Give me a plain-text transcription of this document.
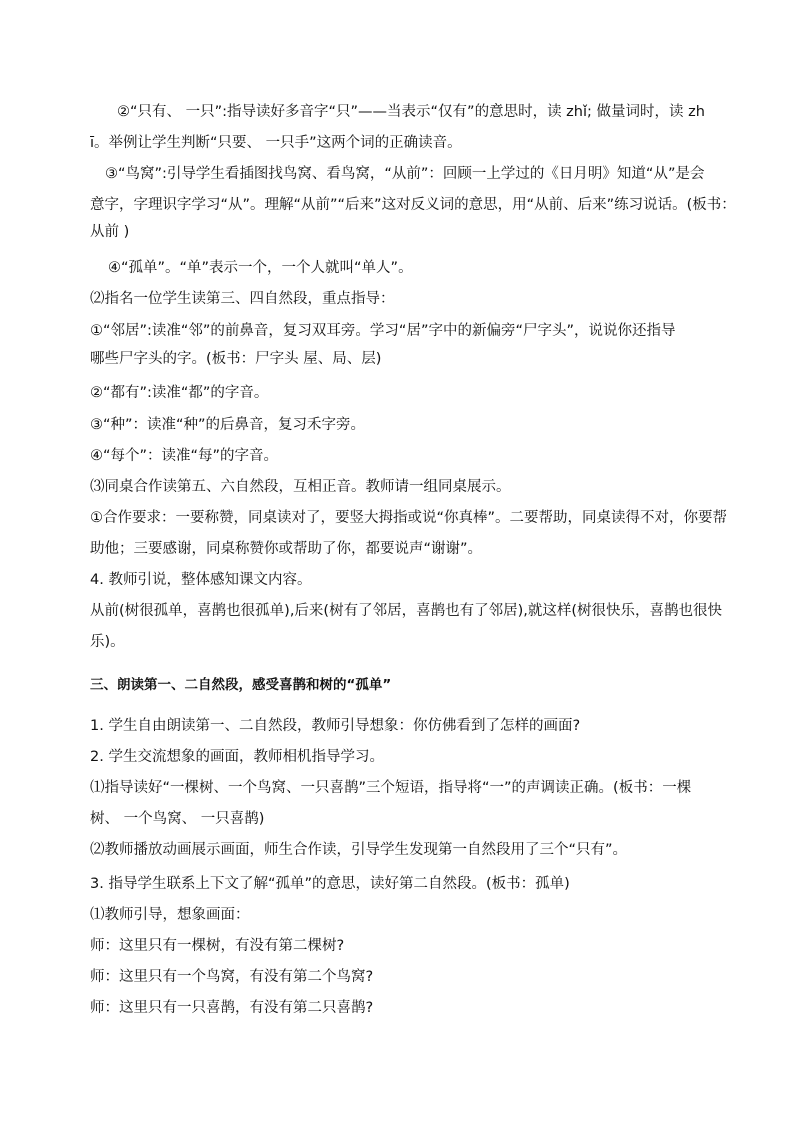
②“只有、 一只”:指导读好多音字“只”——当表示“仅有”的意思时，读 zhǐ; 做量词时，读 zh
ī。举例让学生判断“只要、 一只手”这两个词的正确读音。
③“鸟窝”:引导学生看插图找鸟窝、看鸟窝，“从前”：回顾一上学过的《日月明》知道“从”是会
意字，字理识字学习“从”。理解“从前”“后来”这对反义词的意思，用“从前、后来”练习说话。(板书：
从前 )
④“孤单”。“单”表示一个，一个人就叫“单人”。
⑵指名一位学生读第三、四自然段，重点指导：
①“邻居”:读准“邻”的前鼻音，复习双耳旁。学习“居”字中的新偏旁“尸字头”，说说你还指导
哪些尸字头的字。(板书：尸字头 屋、局、层)
②“都有”:读准“都”的字音。
③“种”：读准“种”的后鼻音，复习禾字旁。
④“每个”：读准“每”的字音。
⑶同桌合作读第五、六自然段，互相正音。教师请一组同桌展示。
①合作要求：一要称赞，同桌读对了，要竖大拇指或说“你真棒”。二要帮助，同桌读得不对，你要帮
助他；三要感谢，同桌称赞你或帮助了你，都要说声“谢谢”。
4. 教师引说，整体感知课文内容。
从前(树很孤单，喜鹊也很孤单),后来(树有了邻居，喜鹊也有了邻居),就这样(树很快乐，喜鹊也很快
乐)。
三、朗读第一、二自然段，感受喜鹊和树的“孤单”
1. 学生自由朗读第一、二自然段，教师引导想象：你仿佛看到了怎样的画面?
2. 学生交流想象的画面，教师相机指导学习。
⑴指导读好“一棵树、一个鸟窝、一只喜鹊”三个短语，指导将“一”的声调读正确。(板书：一棵
树、 一个鸟窝、 一只喜鹊)
⑵教师播放动画展示画面，师生合作读，引导学生发现第一自然段用了三个“只有”。
3. 指导学生联系上下文了解“孤单”的意思，读好第二自然段。(板书：孤单)
⑴教师引导，想象画面：
师：这里只有一棵树，有没有第二棵树?
师：这里只有一个鸟窝，有没有第二个鸟窝?
师：这里只有一只喜鹊，有没有第二只喜鹊?
